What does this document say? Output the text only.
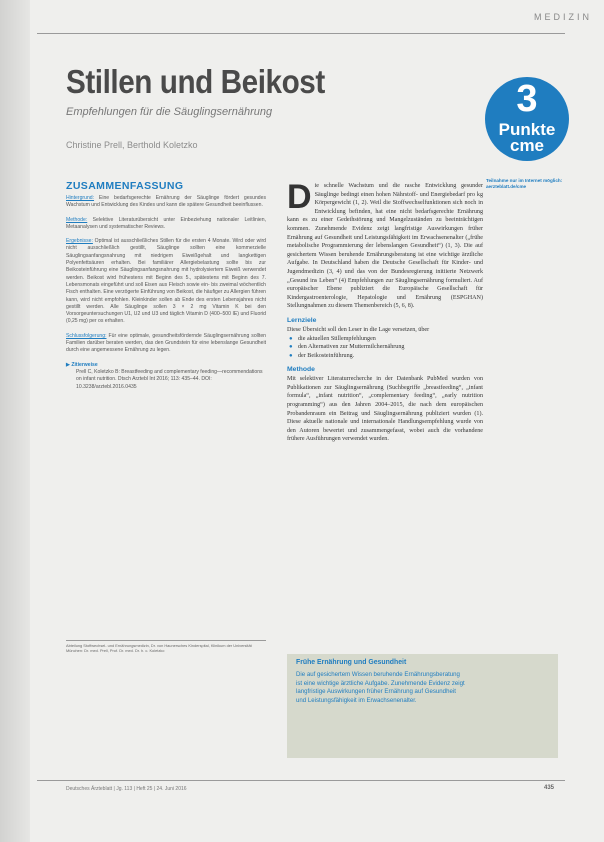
MEDIZIN
Stillen und Beikost
Empfehlungen für die Säuglingsernährung
Christine Prell, Berthold Koletzko
3
Punkte
cme
Teilnahme nur im Internet möglich: aerzteblatt.de/cme
ZUSAMMENFASSUNG

Hintergrund: Eine bedarfsgerechte Ernährung der Säuglinge fördert gesundes Wachstum und Entwicklung des Kindes und kann die spätere Gesundheit beeinflussen.

Methode: Selektive Literaturübersicht unter Einbeziehung nationaler Leitlinien, Metaanalysen und systematischer Reviews.

Ergebnisse: Optimal ist ausschließliches Stillen für die ersten 4 Monate. Wird oder wird nicht ausschließlich gestillt, Säuglinge sollten eine kommerzielle Säuglingsanfangsnahrung mit niedrigem Eiweißgehalt und langkettigen Polyenfettsäuren erhalten. Bei familiärer Allergiebelastung sollte bis zur Beikosteinführung eine Säuglingsanfangsnahrung mit hydrolysiertem Eiweiß verwendet werden. Beikost wird frühestens mit Beginn des 5., spätestens mit Beginn des 7. Lebensmonats eingeführt und soll Eisen aus Fleisch sowie ein- bis zweimal wöchentlich Fisch enthalten. Eine verzögerte Einführung von Beikost, die häufiger zu Allergien führen kann, wird nicht empfohlen. Kleinkinder sollen ab Ende des ersten Lebensjahres nicht gestillt werden. Alle Säuglinge sollen 3 × 2 mg Vitamin K bei den Vorsorgeuntersuchungen U1, U2 und U3 und täglich Vitamin D (400–500 IE) und Fluorid (0,25 mg) per os erhalten.

Schlussfolgerung: Für eine optimale, gesundheitsfördernde Säuglingsernährung sollten Familien darüber beraten werden, das den Grundstein für eine lebenslange Gesundheit durch eine angemessene Ernährung zu legen.

▶ Zitierweise
Prell C, Koletzko B: Breastfeeding and complementary feeding—recommendations on infant nutrition. Dtsch Arztebl Int 2016; 113: 435–44. DOI: 10.3238/arztebl.2016.0435
D ie schnelle Wachstum und die rasche Entwicklung gesunder Säuglinge bedingt einen hohen Nährstoff- und Energiebedarf pro kg Körpergewicht (1, 2). Weil die Stoffwechselfunktionen sich noch in Entwicklung befinden, hat eine nicht bedarfsgerechte Ernährung kann es zu einer Gedeihstörung und Mangelzuständen zu beeinträchtigen kommen. Zunehmende Evidenz zeigt langfristige Auswirkungen früher Ernährung auf Gesundheit und Leistungsfähigkeit im Erwachsenenalter („frühe metabolische Programmierung der lebenslangen Gesundheit“) (1, 3). Die auf gesichertem Wissen beruhende Ernährungsberatung ist eine wichtige ärztliche Aufgabe. In Deutschland haben die Deutsche Gesellschaft für Kinder- und Jugendmedizin (3, 4) und das von der Bundesregierung initiierte Netzwerk „Gesund ins Leben“ (4) Empfehlungen zur Säuglingsernährung formuliert. Auf europäischer Ebene publiziert die Europäische Gesellschaft für Kindergastroenterologie, Hepatologie und Ernährung (ESPGHAN) Stellungnahmen zu diesem Themenbereich (5, 6, 8).

Lernziele

Diese Übersicht soll den Leser in die Lage versetzen, über

● die aktuellen Stillempfehlungen
● den Alternativen zur Muttermilchernährung
● der Beikosteinführung.
Methode

Mit selektiver Literaturrecherche in der Datenbank PubMed wurden von Publikationen zur Säuglingsernährung (Suchbegriffe „breastfeeding“, „infant formula“, „infant nutrition“, „complementary feeding“, „early nutrition programming“) aus den Jahren 2004–2015, die nach dem europäischen Probandenraum ein Beitrag und Säuglingsernährung publiziert wurden (1). Diese aktuelle nationale und internationale Handlungsempfehlung wurde von den Autoren bewertet und zusammengefasst, wobei auch die vorhandene frühere Ausführungen verwendet wurden.

Abteilung Stoffwechsel- und Ernährungsmedizin, Dr. von Haunersches Kinderspital, Klinikum der Universität München: Dr. med. Prell, Prof. Dr. med. Dr. h. c. Koletzko
Frühe Ernährung und Gesundheit
Die auf gesichertem Wissen beruhende Ernährungsberatung ist eine wichtige ärztliche Aufgabe. Zunehmende Evidenz zeigt langfristige Auswirkungen früher Ernährung auf Gesundheit und Leistungsfähigkeit im Erwachsenenalter.
Deutsches Ärzteblatt | Jg. 113 | Heft 25 | 24. Juni 2016	435
